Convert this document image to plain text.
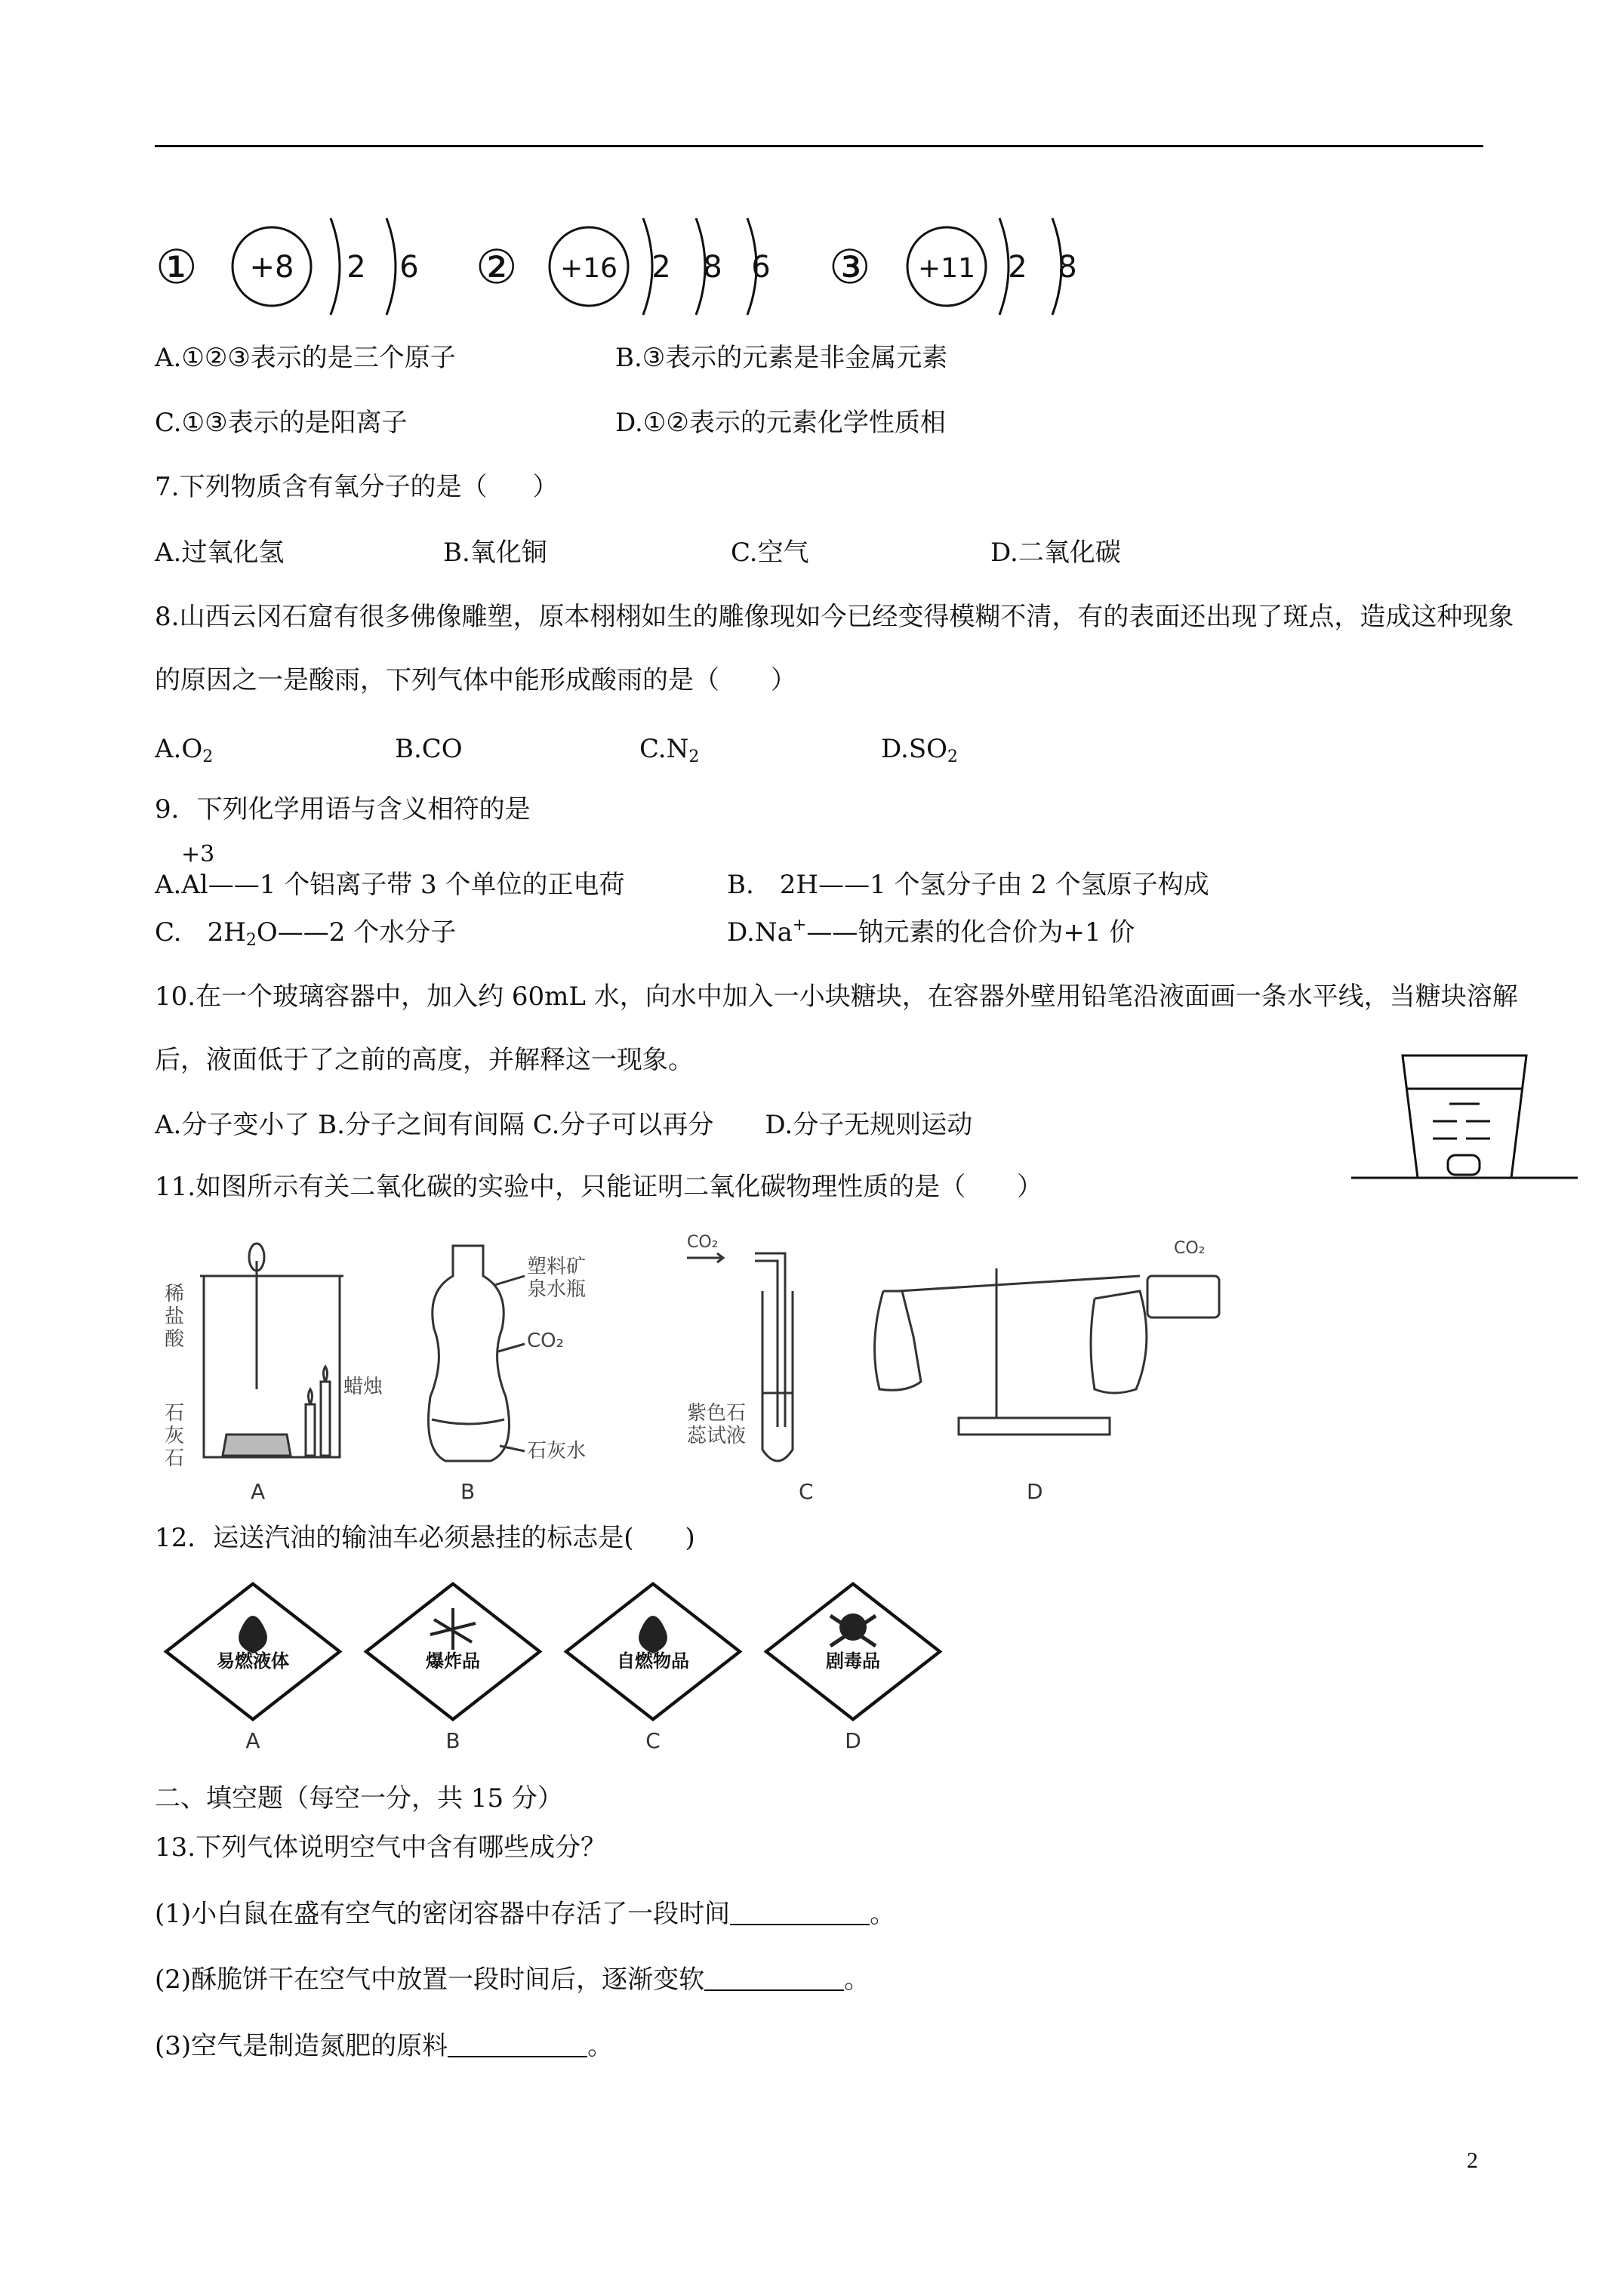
① +8 2 6 ② +16 2 8 6 ③ +11 2 8
A.①②③表示的是三个原子	B.③表示的元素是非金属元素
C.①③表示的是阳离子	D.①②表示的元素化学性质相
7.下列物质含有氧分子的是（ ）
A.过氧化氢	B.氧化铜	C.空气	D.二氧化碳
8.山西云冈石窟有很多佛像雕塑，原本栩栩如生的雕像现如今已经变得模糊不清，有的表面还出现了斑点，造成这种现象的原因之一是酸雨，下列气体中能形成酸雨的是（　　）
$A.O_2$	B.CO	$C.N_2$	$D.SO_2$
9．下列化学用语与含义相符的是
+3
A.Al——1 个铝离子带 3 个单位的正电荷	B.　2H——1 个氢分子由 2 个氢原子构成
C.　$2H_2O——2$ 个水分子	D.Na+——钠元素的化合价为+1 价
10.在一个玻璃容器中，加入约 60mL 水，向水中加入一小块糖块，在容器外壁用铅笔沿液面画一条水平线，当糖块溶解后，液面低于了之前的高度，并解释这一现象。
A.分子变小了 B.分子之间有间隔 C.分子可以再分　　D.分子无规则运动
11.如图所示有关二氧化碳的实验中，只能证明二氧化碳物理性质的是（　　）
稀
盐
酸
石
灰
石
蜡烛
A
塑料矿
泉水瓶
CO₂
石灰水
B
CO₂
紫色石
蕊试液
C
CO₂
D
12．运送汽油的输油车必须悬挂的标志是(　　)
易燃液体
A
爆炸品
B
自燃物品
C
剧毒品
D
二、填空题（每空一分，共 15 分）
13.下列气体说明空气中含有哪些成分？
(1)小白鼠在盛有空气的密闭容器中存活了一段时间	。
(2)酥脆饼干在空气中放置一段时间后，逐渐变软	。
(3)空气是制造氮肥的原料	。
2
